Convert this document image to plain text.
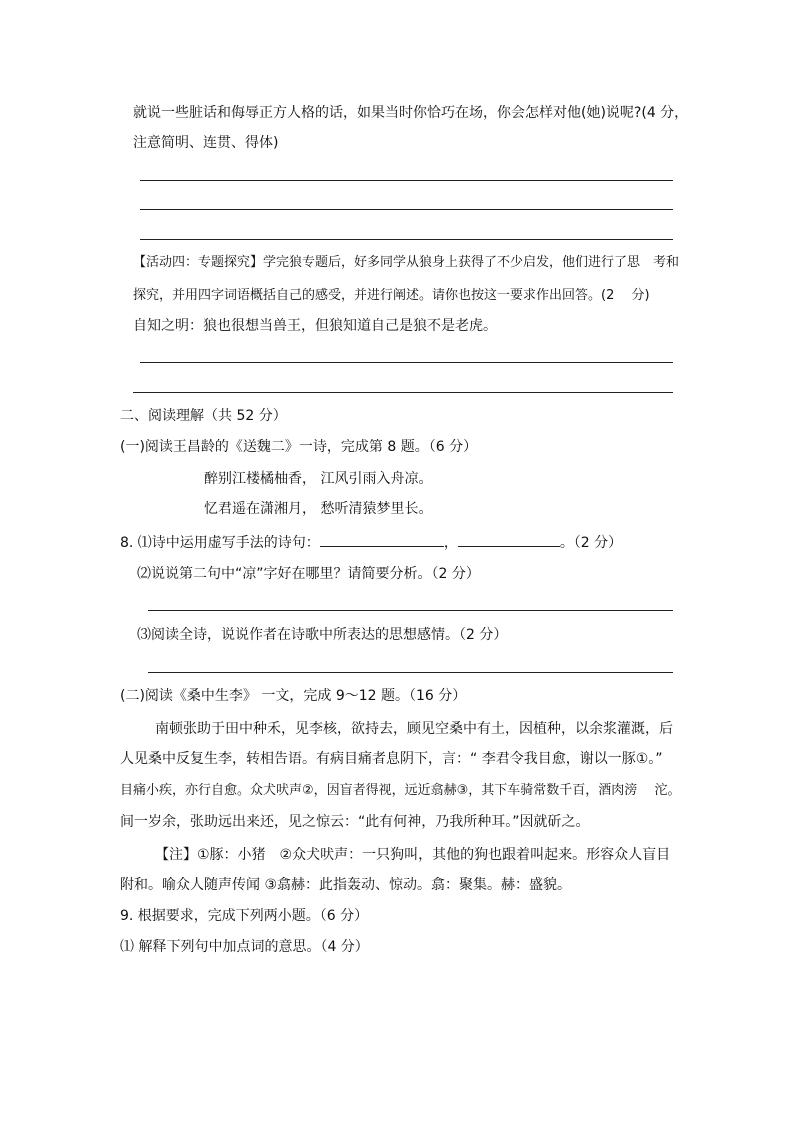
就说一些脏话和侮辱正方人格的话，如果当时你恰巧在场，你会怎样对他(她)说呢?(4 分，
注意简明、连贯、得体)
【活动四：专题探究】学完狼专题后，好多同学从狼身上获得了不少启发，他们进行了思　考和
探究，并用四字词语概括自己的感受，并进行阐述。请你也按这一要求作出回答。(2　 分)
自知之明：狼也很想当兽王，但狼知道自己是狼不是老虎。
二、阅读理解（共 52 分）
(一)阅读王昌龄的《送魏二》一诗，完成第 8 题。（6 分）
醉别江楼橘柚香， 江风引雨入舟凉。
忆君遥在潇湘月， 愁听清猿梦里长。
8. ⑴诗中运用虚写手法的诗句：	，	。（2 分）
⑵说说第二句中“凉”字好在哪里？请简要分析。（2 分）
⑶阅读全诗，说说作者在诗歌中所表达的思想感情。（2 分）
(二)阅读《桑中生李》 一文，完成 9～12 题。（16 分）
南顿张助于田中种禾，见李核，欲持去，顾见空桑中有土，因植种，以余浆灌溉，后
人见桑中反复生李，转相告语。有病目痛者息阴下，言：“ 李君令我目愈，谢以一豚①。”
目痛小疾，亦行自愈。众犬吠声②，因盲者得视，远近翕赫③，其下车骑常数千百，酒肉滂　 沱。
间一岁余，张助远出来还，见之惊云：“此有何神，乃我所种耳。”因就斫之。
【注】①豚：小猪　②众犬吠声：一只狗叫，其他的狗也跟着叫起来。形容众人盲目
附和。喻众人随声传闻 ③翕赫：此指轰动、惊动。翕：聚集。赫：盛貌。
9. 根据要求，完成下列两小题。（6 分）
⑴ 解释下列句中加点词的意思。（4 分）
